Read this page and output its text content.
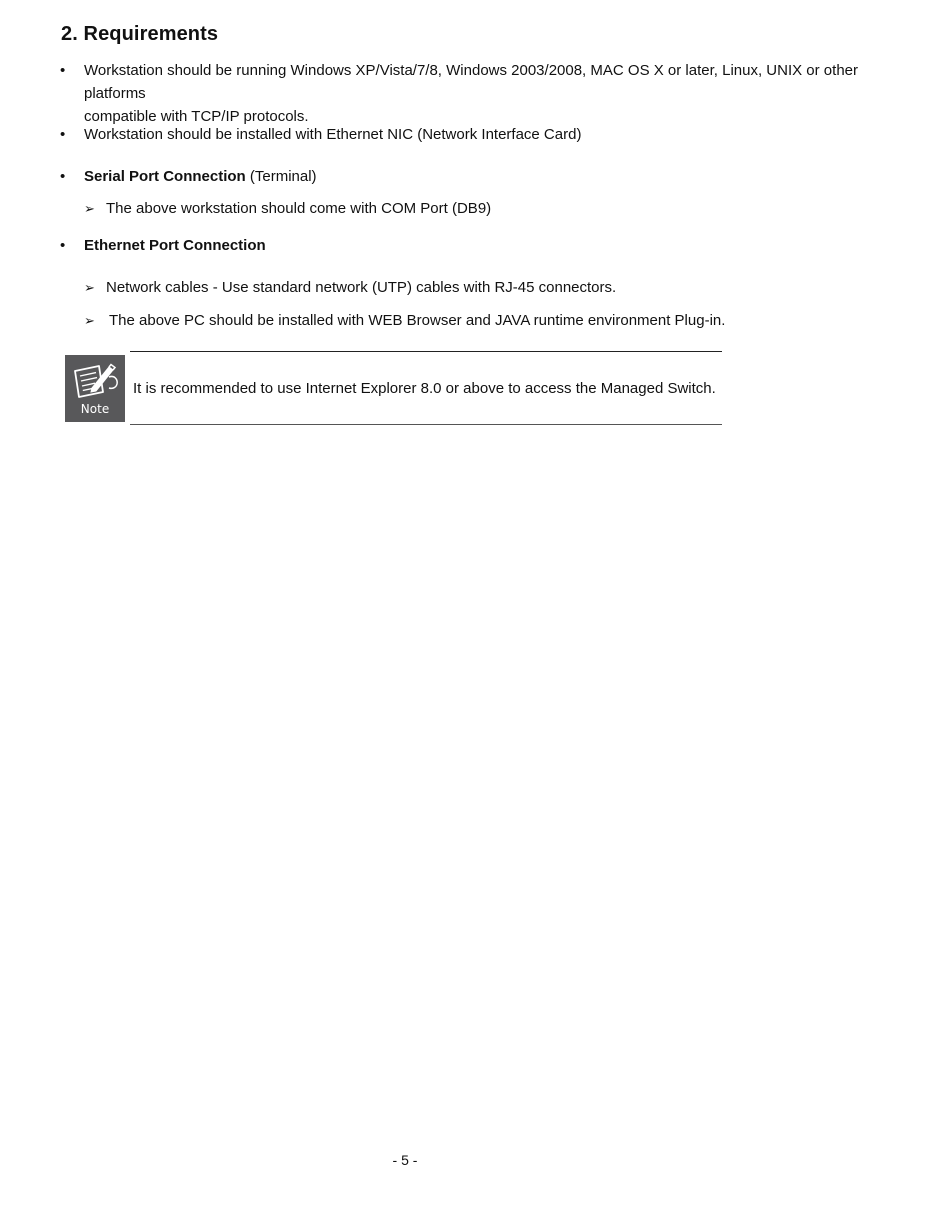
2. Requirements
• Workstation should be running Windows XP/Vista/7/8, Windows 2003/2008, MAC OS X or later, Linux, UNIX or other platforms
compatible with TCP/IP protocols.
• Workstation should be installed with Ethernet NIC (Network Interface Card)
• Serial Port Connection (Terminal)
➢ The above workstation should come with COM Port (DB9)
• Ethernet Port Connection
➢ Network cables - Use standard network (UTP) cables with RJ-45 connectors.
➢ The above PC should be installed with WEB Browser and JAVA runtime environment Plug-in.
Note
It is recommended to use Internet Explorer 8.0 or above to access the Managed Switch.
- 5 -
